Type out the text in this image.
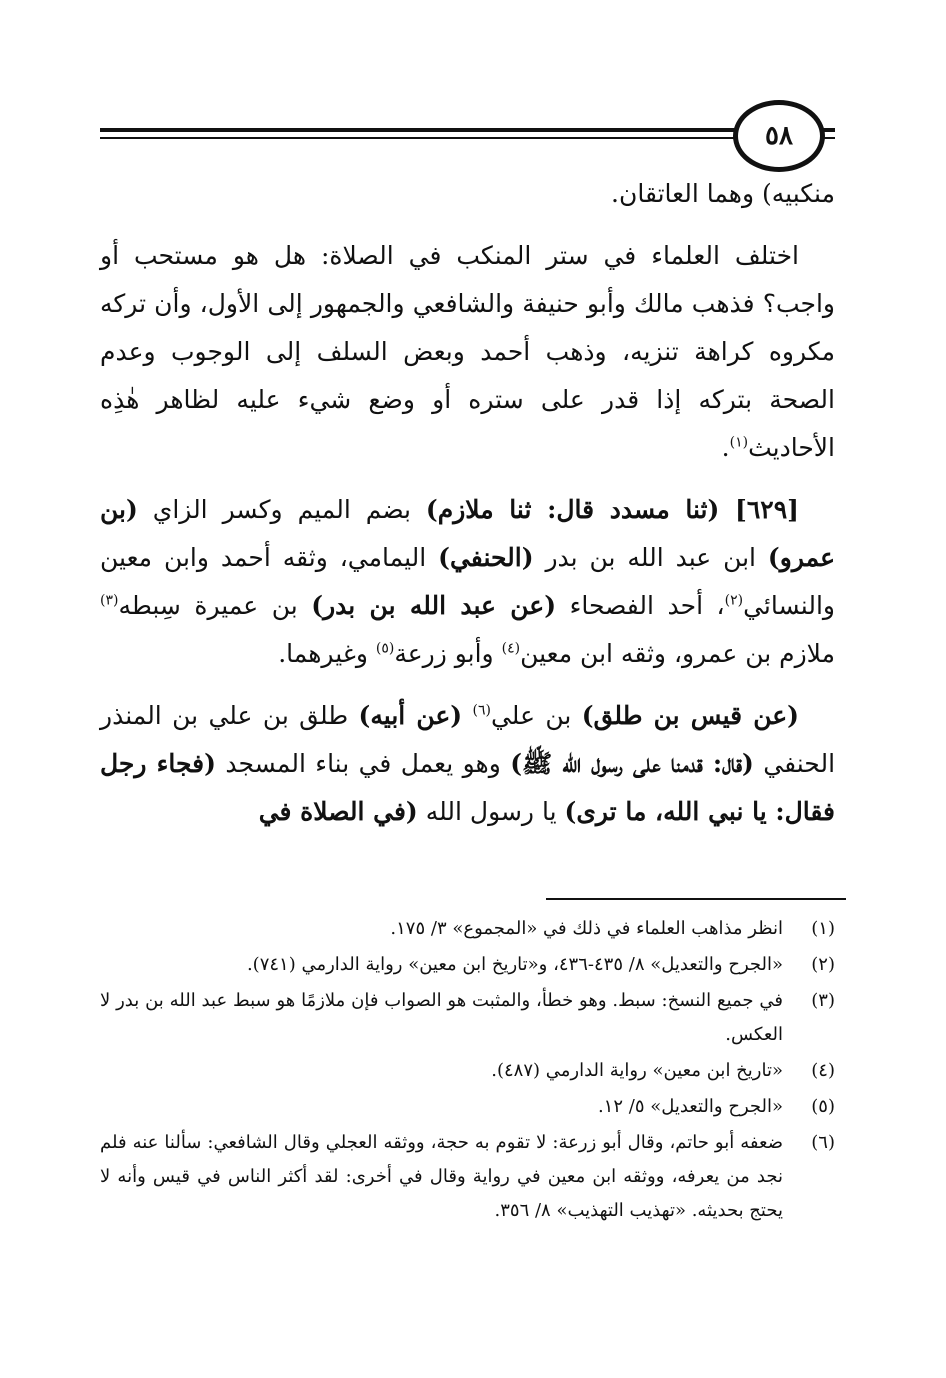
٥٨

منكبيه) وهما العاتقان.

اختلف العلماء في ستر المنكب في الصلاة: هل هو مستحب أو واجب؟ فذهب مالك وأبو حنيفة والشافعي والجمهور إلى الأول، وأن تركه مكروه كراهة تنزيه، وذهب أحمد وبعض السلف إلى الوجوب وعدم الصحة بتركه إذا قدر على ستره أو وضع شيء عليه لظاهر هٰذِه الأحاديث$^{(١)}$.

[٦٢٩] (ثنا مسدد قال: ثنا ملازم) بضم الميم وكسر الزاي (بن عمرو) ابن عبد الله بن بدر (الحنفي) اليمامي، وثقه أحمد وابن معين والنسائي$^{(٢)}$، أحد الفصحاء (عن عبد الله بن بدر) بن عميرة سِبطه$^{(٣)}$ ملازم بن عمرو، وثقه ابن معين$^{(٤)}$ وأبو زرعة$^{(٥)}$ وغيرهما.

(عن قيس بن طلق) بن علي$^{(٦)}$ (عن أبيه) طلق بن علي بن المنذر الحنفي (قال: قدمنا على رسول الله ﷺ) وهو يعمل في بناء المسجد (فجاء رجل فقال: يا نبي الله، ما ترى) يا رسول الله (في الصلاة في

(١)
انظر مذاهب العلماء في ذلك في «المجموع» ٣/ ١٧٥.
(٢)
«الجرح والتعديل» ٨/ ٤٣٥-٤٣٦، و«تاريخ ابن معين» رواية الدارمي (٧٤١).
(٣)
في جميع النسخ: سبط. وهو خطأ، والمثبت هو الصواب فإن ملازمًا هو سبط عبد الله بن بدر لا العكس.
(٤)
«تاريخ ابن معين» رواية الدارمي (٤٨٧).
(٥)
«الجرح والتعديل» ٥/ ١٢.
(٦)
ضعفه أبو حاتم، وقال أبو زرعة: لا تقوم به حجة، ووثقه العجلي وقال الشافعي: سألنا عنه فلم نجد من يعرفه، ووثقه ابن معين في رواية وقال في أخرى: لقد أكثر الناس في قيس وأنه لا يحتج بحديثه. «تهذيب التهذيب» ٨/ ٣٥٦.
